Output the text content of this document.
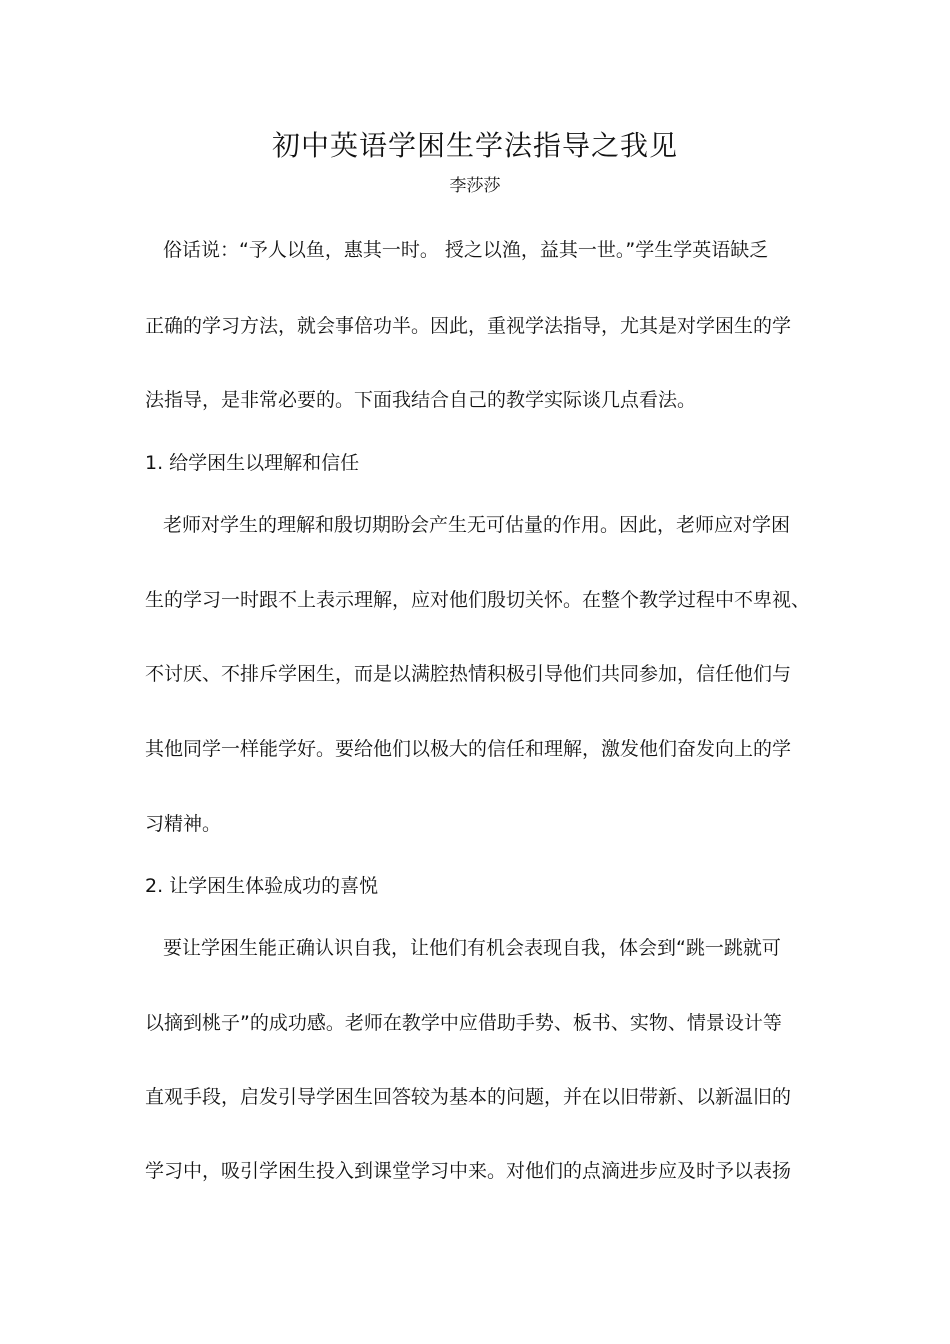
初中英语学困生学法指导之我见
李莎莎
俗话说：“予人以鱼，惠其一时。 授之以渔，益其一世。”学生学英语缺乏
正确的学习方法，就会事倍功半。因此，重视学法指导，尤其是对学困生的学
法指导，是非常必要的。下面我结合自己的教学实际谈几点看法。
1. 给学困生以理解和信任
老师对学生的理解和殷切期盼会产生无可估量的作用。因此，老师应对学困
生的学习一时跟不上表示理解，应对他们殷切关怀。在整个教学过程中不卑视、
不讨厌、不排斥学困生，而是以满腔热情积极引导他们共同参加，信任他们与
其他同学一样能学好。要给他们以极大的信任和理解，激发他们奋发向上的学
习精神。
2. 让学困生体验成功的喜悦
要让学困生能正确认识自我，让他们有机会表现自我，体会到“跳一跳就可
以摘到桃子”的成功感。老师在教学中应借助手势、板书、实物、情景设计等
直观手段，启发引导学困生回答较为基本的问题，并在以旧带新、以新温旧的
学习中，吸引学困生投入到课堂学习中来。对他们的点滴进步应及时予以表扬
